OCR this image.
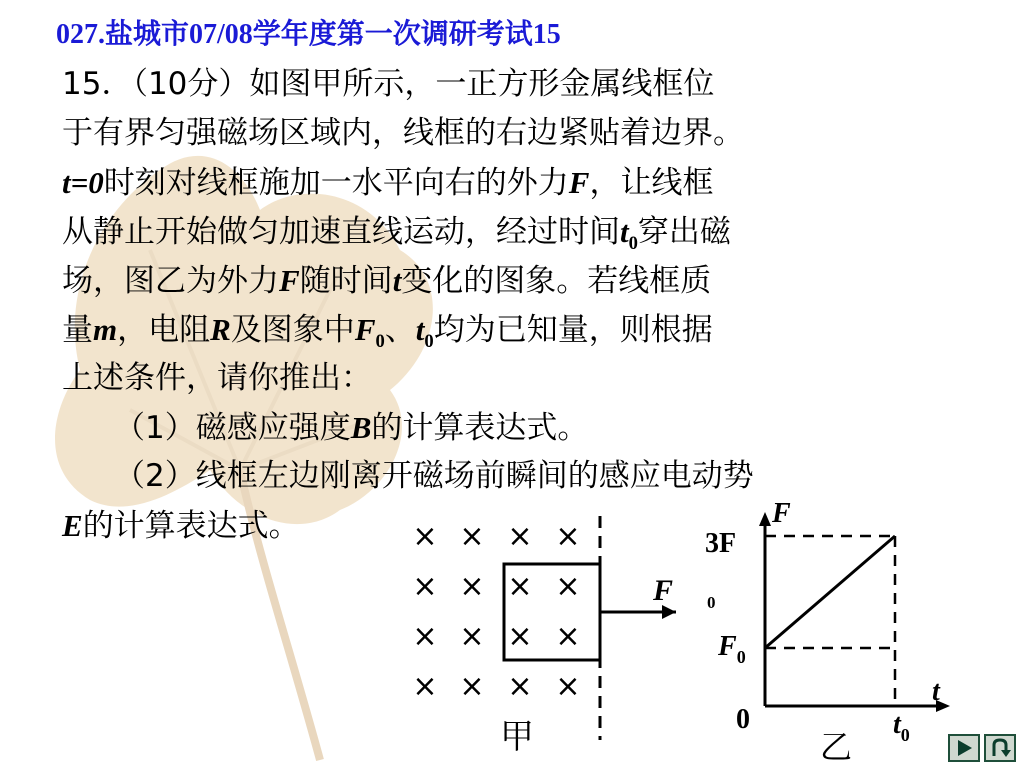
027.盐城市07/08学年度第一次调研考试15
15．（10分）如图甲所示，一正方形金属线框位
于有界匀强磁场区域内，线框的右边紧贴着边界。
t=0时刻对线框施加一水平向右的外力F，让线框
从静止开始做匀加速直线运动，经过时间$t_0$穿出磁
场，图乙为外力F随时间t变化的图象。若线框质
量m，电阻R及图象中$F_0$、$t_0$均为已知量，则根据
上述条件，请你推出：
（1）磁感应强度B的计算表达式。
（2）线框左边刚离开磁场前瞬间的感应电动势
E的计算表达式。	× × × ×
× × × ×
× × × ×
× × × ×
F
甲
F
t
0
3F
0
$F_0$
$t_0$
乙
